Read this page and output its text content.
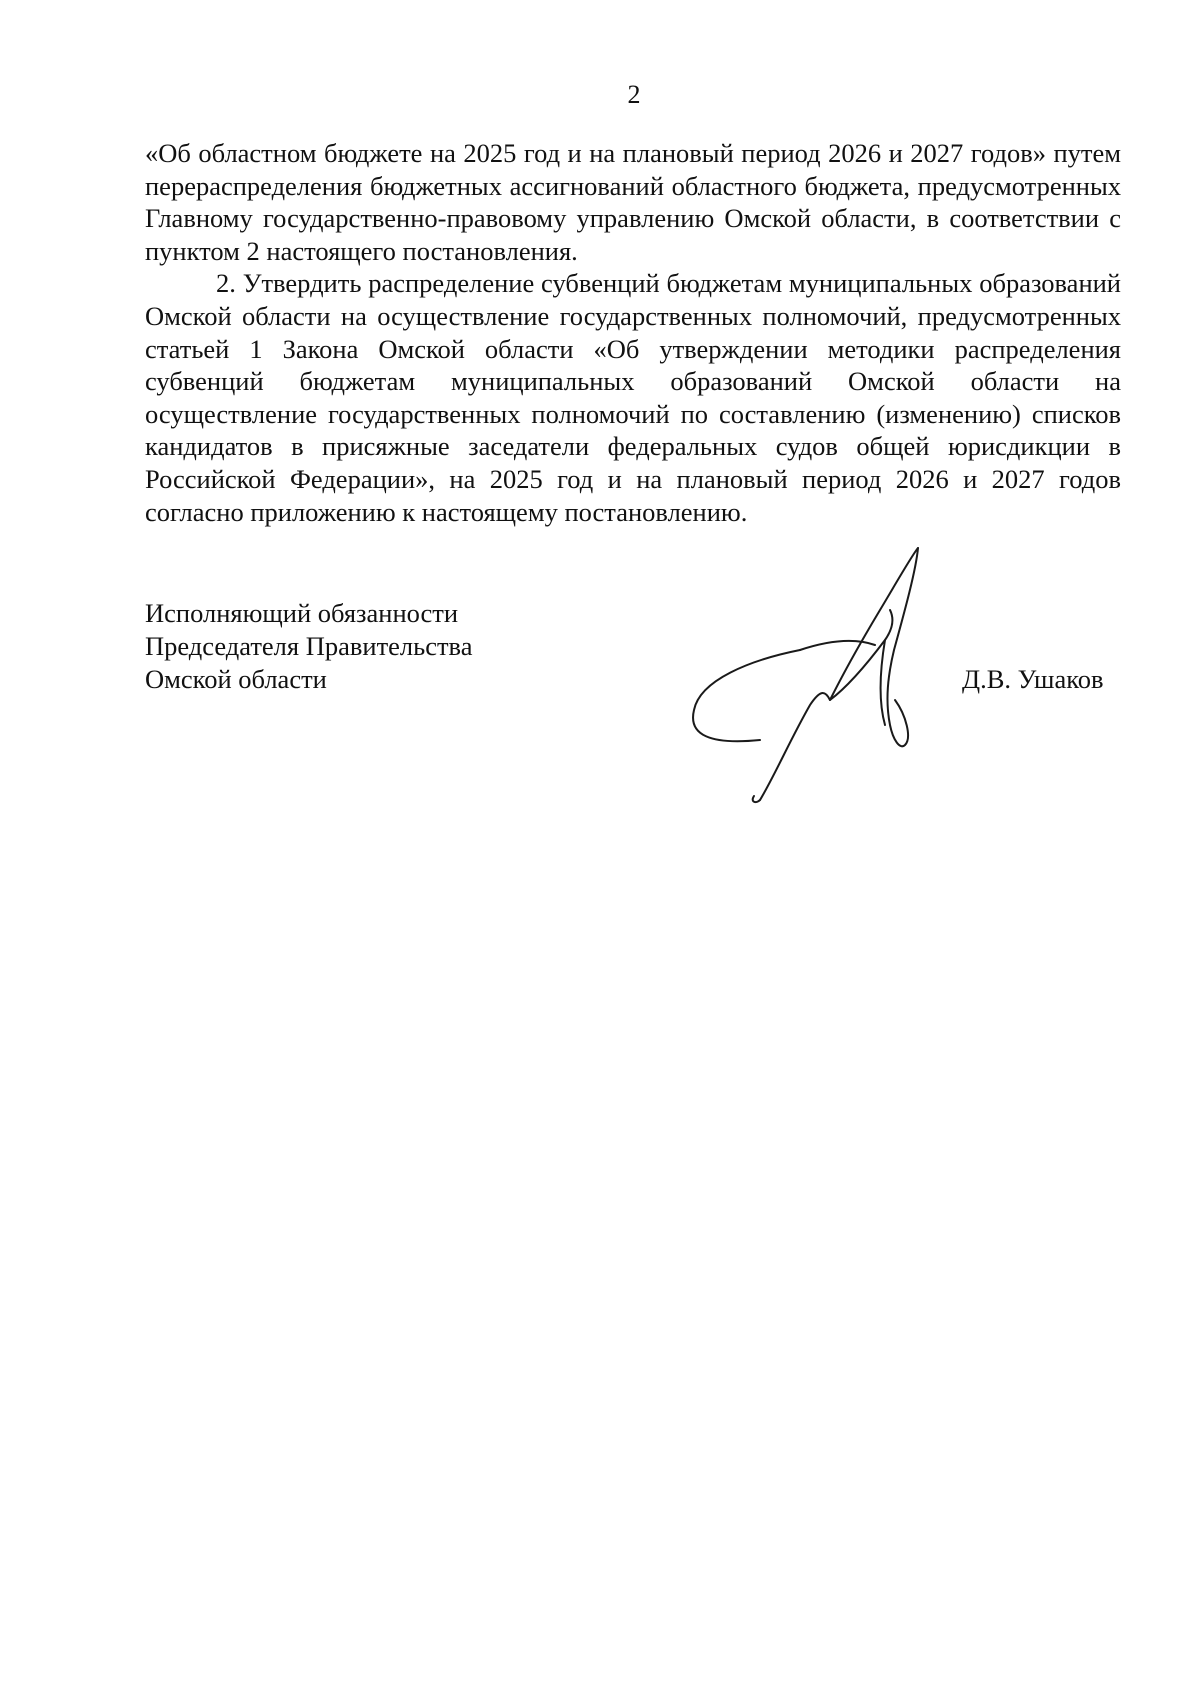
2

«Об областном бюджете на 2025 год и на плановый период 2026 и 2027 годов» путем перераспределения бюджетных ассигнований областного бюджета, предусмотренных Главному государственно-правовому управлению Омской области, в соответствии с пунктом 2 настоящего постановления.

2. Утвердить распределение субвенций бюджетам муниципальных образований Омской области на осуществление государственных полномочий, предусмотренных статьей 1 Закона Омской области «Об утверждении методики распределения субвенций бюджетам муниципальных образований Омской области на осуществление государственных полномочий по составлению (изменению) списков кандидатов в присяжные заседатели федеральных судов общей юрисдикции в Российской Федерации», на 2025 год и на плановый период 2026 и 2027 годов согласно приложению к настоящему постановлению.

Исполняющий обязанности
Председателя Правительства
Омской области	Д.В. Ушаков
